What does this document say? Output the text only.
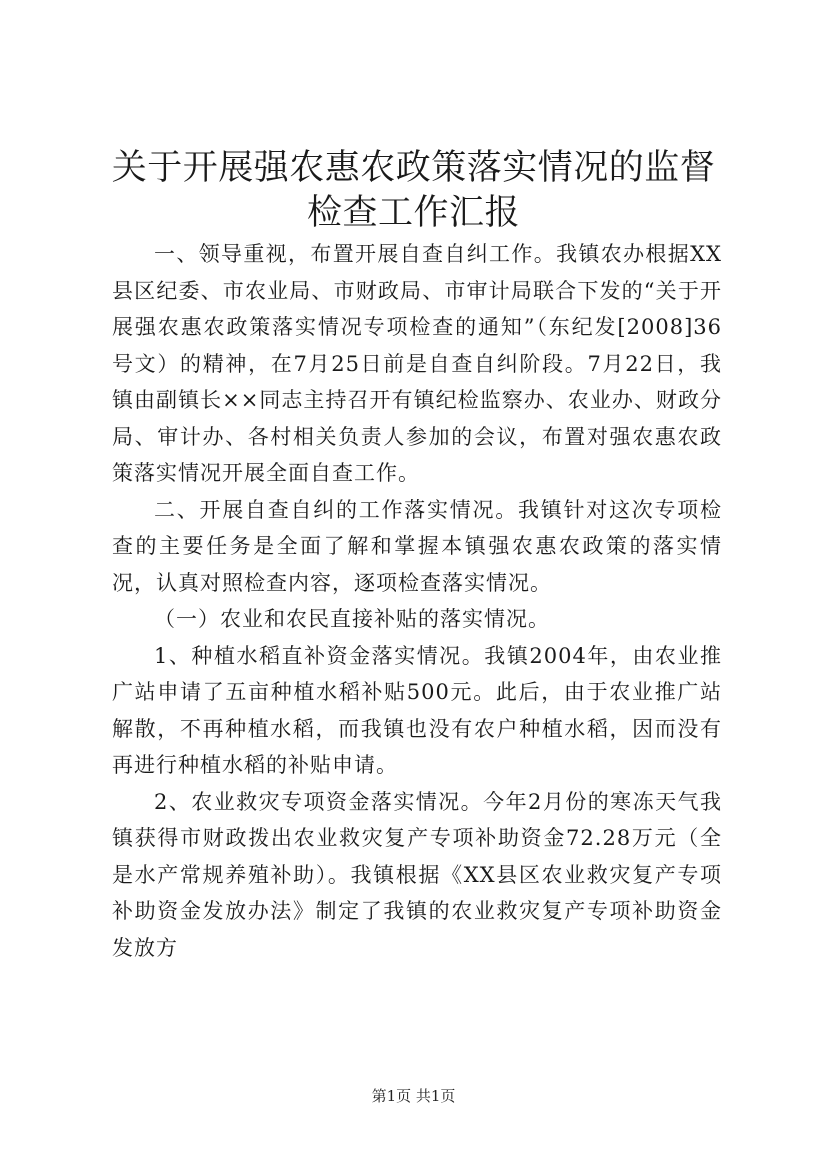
关于开展强农惠农政策落实情况的监督检查工作汇报

一、领导重视，布置开展自查自纠工作。我镇农办根据XX县区纪委、市农业局、市财政局、市审计局联合下发的“关于开展强农惠农政策落实情况专项检查的通知”（东纪发[2008]36号文）的精神，在7月25日前是自查自纠阶段。7月22日，我镇由副镇长××同志主持召开有镇纪检监察办、农业办、财政分局、审计办、各村相关负责人参加的会议，布置对强农惠农政策落实情况开展全面自查工作。

二、开展自查自纠的工作落实情况。我镇针对这次专项检查的主要任务是全面了解和掌握本镇强农惠农政策的落实情况，认真对照检查内容，逐项检查落实情况。

（一）农业和农民直接补贴的落实情况。

1、种植水稻直补资金落实情况。我镇2004年，由农业推广站申请了五亩种植水稻补贴500元。此后，由于农业推广站解散，不再种植水稻，而我镇也没有农户种植水稻，因而没有再进行种植水稻的补贴申请。

2、农业救灾专项资金落实情况。今年2月份的寒冻天气我镇获得市财政拨出农业救灾复产专项补助资金72.28万元（全是水产常规养殖补助）。我镇根据《XX县区农业救灾复产专项补助资金发放办法》制定了我镇的农业救灾复产专项补助资金发放方

第1页 共1页
